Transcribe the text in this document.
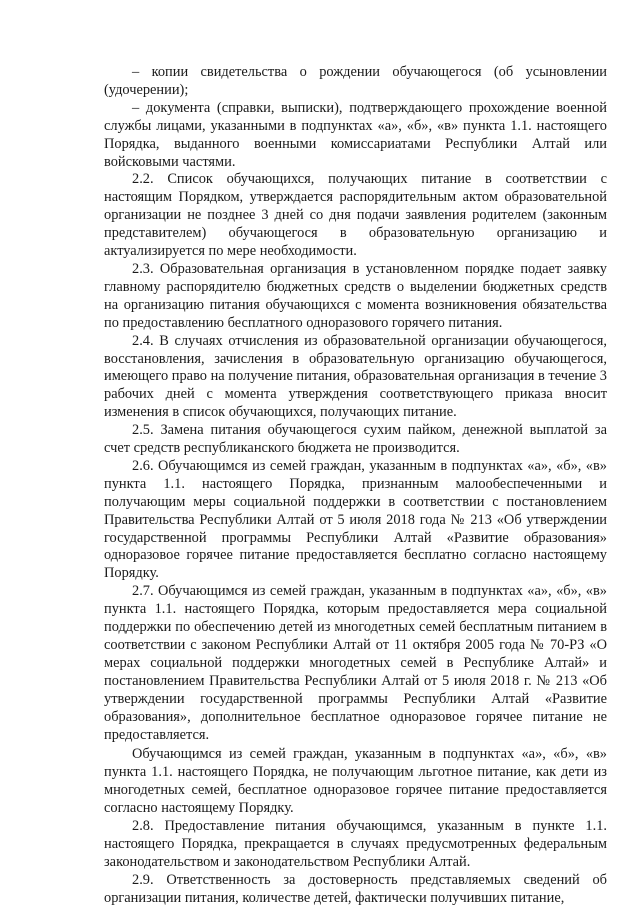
– копии свидетельства о рождении обучающегося (об усыновлении (удочерении);

– документа (справки, выписки), подтверждающего прохождение военной службы лицами, указанными в подпунктах «а», «б», «в» пункта 1.1. настоящего Порядка, выданного военными комиссариатами Республики Алтай или войсковыми частями.

2.2. Список обучающихся, получающих питание в соответствии с настоящим Порядком, утверждается распорядительным актом образовательной организации не позднее 3 дней со дня подачи заявления родителем (законным представителем) обучающегося в образовательную организацию и актуализируется по мере необходимости.

2.3. Образовательная организация в установленном порядке подает заявку главному распорядителю бюджетных средств о выделении бюджетных средств на организацию питания обучающихся с момента возникновения обязательства по предоставлению бесплатного одноразового горячего питания.

2.4. В случаях отчисления из образовательной организации обучающегося, восстановления, зачисления в образовательную организацию обучающегося, имеющего право на получение питания, образовательная организация в течение 3 рабочих дней с момента утверждения соответствующего приказа вносит изменения в список обучающихся, получающих питание.

2.5. Замена питания обучающегося сухим пайком, денежной выплатой за счет средств республиканского бюджета не производится.

2.6. Обучающимся из семей граждан, указанным в подпунктах «а», «б», «в» пункта 1.1. настоящего Порядка, признанным малообеспеченными и получающим меры социальной поддержки в соответствии с постановлением Правительства Республики Алтай от 5 июля 2018 года № 213 «Об утверждении государственной программы Республики Алтай «Развитие образования» одноразовое горячее питание предоставляется бесплатно согласно настоящему Порядку.

2.7. Обучающимся из семей граждан, указанным в подпунктах «а», «б», «в» пункта 1.1. настоящего Порядка, которым предоставляется мера социальной поддержки по обеспечению детей из многодетных семей бесплатным питанием в соответствии с законом Республики Алтай от 11 октября 2005 года № 70-РЗ «О мерах социальной поддержки многодетных семей в Республике Алтай» и постановлением Правительства Республики Алтай от 5 июля 2018 г. № 213 «Об утверждении государственной программы Республики Алтай «Развитие образования», дополнительное бесплатное одноразовое горячее питание не предоставляется.

Обучающимся из семей граждан, указанным в подпунктах «а», «б», «в» пункта 1.1. настоящего Порядка, не получающим льготное питание, как дети из многодетных семей, бесплатное одноразовое горячее питание предоставляется согласно настоящему Порядку.

2.8. Предоставление питания обучающимся, указанным в пункте 1.1. настоящего Порядка, прекращается в случаях предусмотренных федеральным законодательством и законодательством Республики Алтай.

2.9. Ответственность за достоверность представляемых сведений об организации питания, количестве детей, фактически получивших питание,
